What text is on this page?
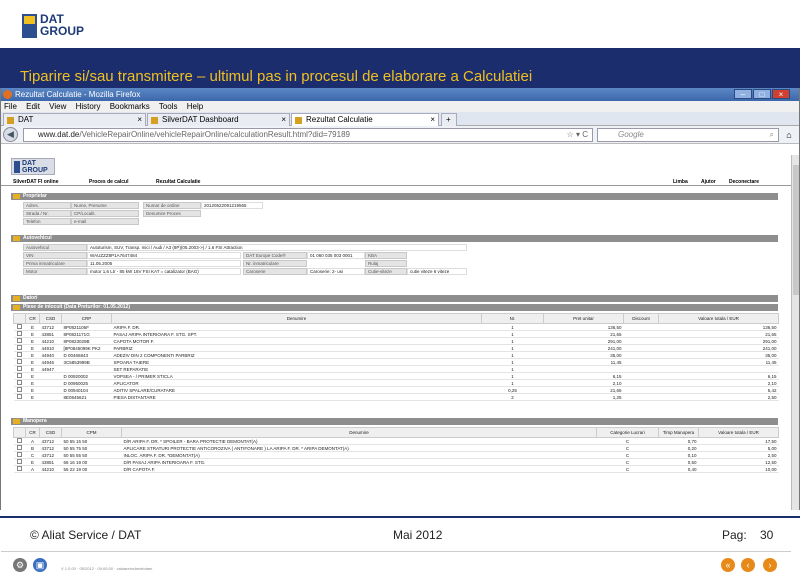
DAT
GROUP
Tiparire si/sau transmitere – ultimul pas in procesul de elaborare a Calculatiei
Rezultat Calculatie - Mozilla Firefox	–	□	×
File Edit View History Bookmarks Tools Help
DAT	×	SilverDAT Dashboard	×	Rezultat Calculatie	×	+
◀	www.dat.de/VehicleRepairOnline/vehicleRepairOnline/calculationResult.html?did=79189	☆ ▾ C	Google	⌕	⌂
DAT
GROUP
SilverDAT FI online	Proces de calcul	Rezultat Calculatie	Limba	Ajutor	Deconectare
Proprietar
Adres.	Nume, Prenume
Strada / Nr.	CP/Localit.
Telefon	e-mail
Numar de ordine	20120522091219565
Denumire Proces
Autovehicul
Autovehicul	Autoturism, SUV, Transp. mici / Audi / A3 (8P)(05.2003->) / 1.6 FSI Attraction
VIN	WAUZZZ8P1A7647484
Prima inmatriculare	11.05.2005
Motor	motor 1,6 Ltr - 85 kW 16V FSI KAT = catalizator (BAG)
DAT Europe Code®	01 060 035 003 0001	KBA
Nr. inmatriculare	Rulaj
Caroserie	Caroserie: 2- usi	Cutie-viteze	cutie viteze 6 viteze
Datori
Piese de inlocuit (Data Preturilor: 01.05.2012)
	CR	CSD	CRP	Denumire	Nr.	Pret unitar	Discount	Valoare totala / EUR
	E	43712	8P0821106F	ARIPA F. DR.	1	136,50		136,50
	E	43851	8P0821171G	PASAJ ARIPA INTERIOARA F. STG. SPT.	1	21,65		21,65
	E	44210	8P0823029B	CAPOTA MOTOR F.	1	291,00		291,00
	E	44910	[8P0845099K PK2	PARBRIZ	1	241,00		241,00
	E	44940	D 00466843	ADEZIV DIN 2 COMPONENTI PARBRIZ	1	35,00		35,00
	E	44946	3C5853999B	SPOARA TAIERE	1	11,45		11,45
	E	44947		SET REPARATIE	1			
	E		D 00920002	VOPSEA - / PRIMER STICLA	1	6,15		6,15
	E		D 00950025	APLICATOR	1	2,10		2,10
	E		D 00940104	ADITIV SPALARE/CURATARE	0,25	21,65		5,42
	E		8E0845621	PIESA DISTANTARE	2	1,25		2,50
Manopera
	CR	CSD	CPM	Denumire	Categorie Lucrari	Timp Manopera	Valoare totala / EUR
	A	43712	50 55 15 50	D/R ARIPA F. DR. * SPOILER - BARA PROTECTIE DEMONTAT(A)	C	0,70	17,50
	B	43712	50 55 75 50	APLICARE STRATURI PROTECTIE ANTICOROZIVA ( ANTIFONARE ) LA ARIPA F. DR. * ARIPA DEMONTAT(A)	C	0,20	5,00
	C	43712	50 55 55 50	INLOC. ARIPA F. DR. *DEMONTAT(A)	C	0,10	2,50
	E	43851	66 16 19 00	D/R PASAJ ARIPA INTERIOARA F. STG.	C	0,50	12,50
	A	44210	55 22 19 00	D/R CAPOTA F.	C	0,40	10,00
⚙	▣	V 1.0.00 · 05/2012 · 00:00:00 · valoareincheietotam	«	‹	›
© Aliat Service / DAT	Mai 2012	Pag: 30
